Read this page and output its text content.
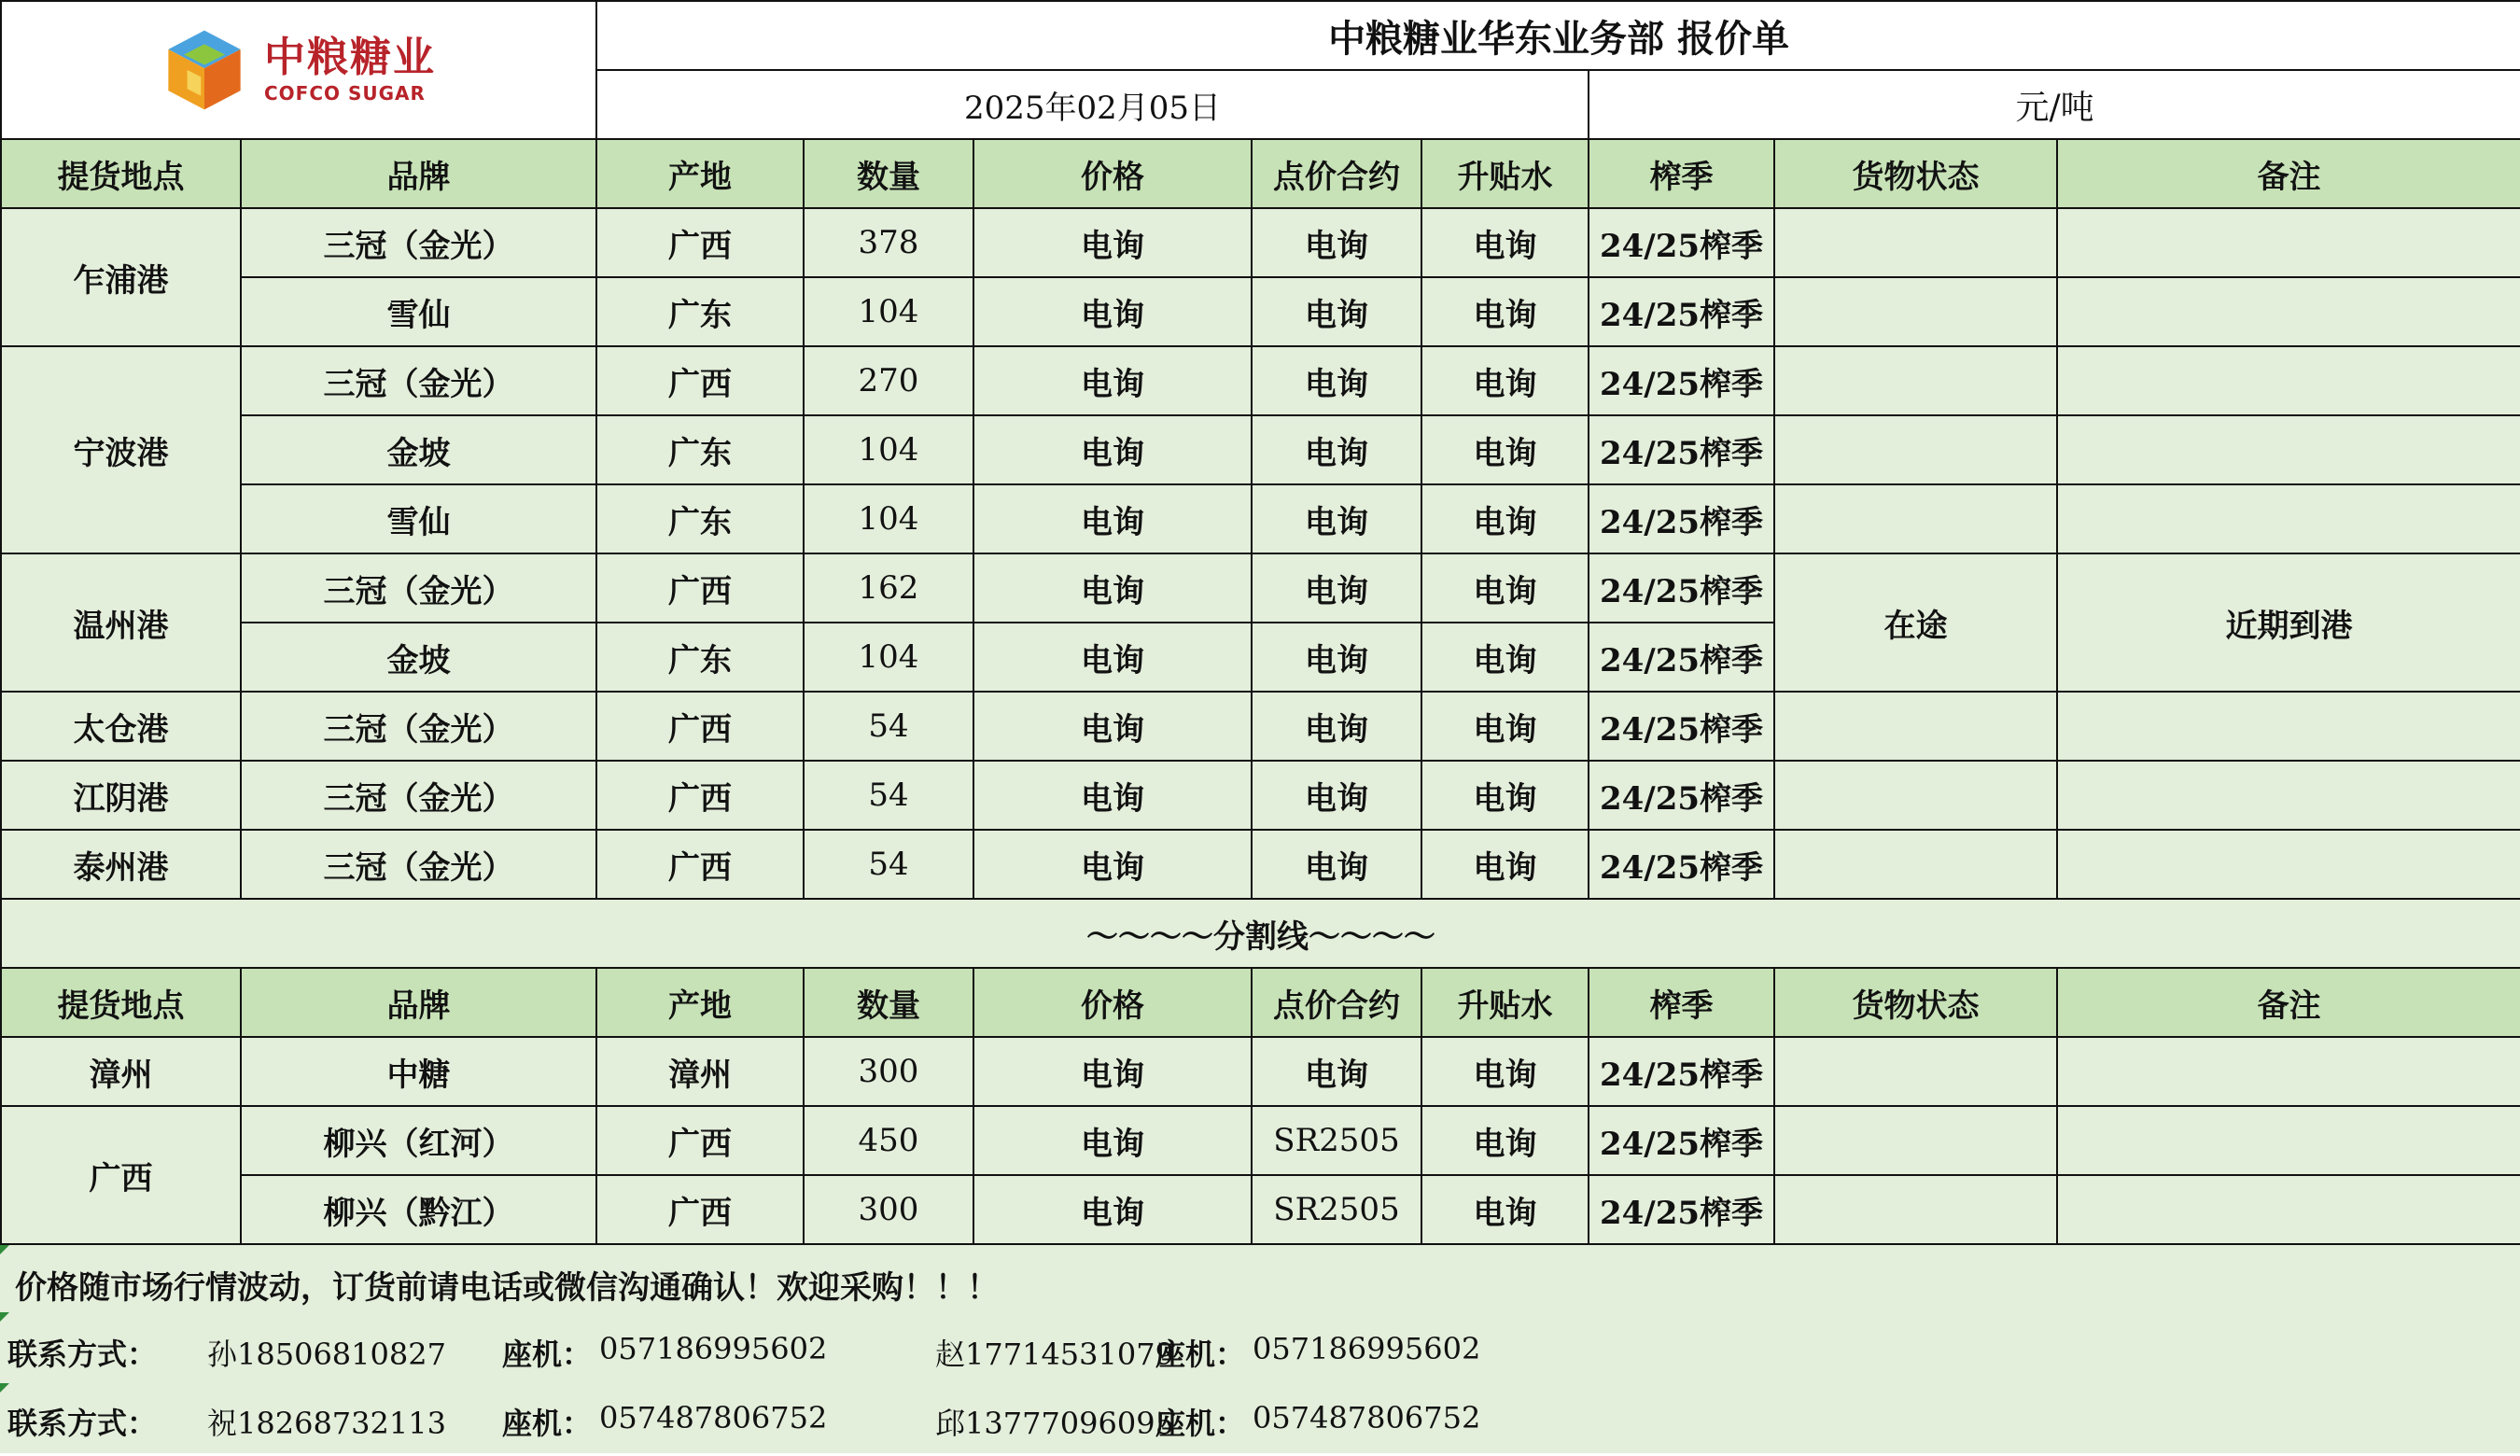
中粮糖业
COFCO SUGAR		中粮糖业华东业务部 报价单							
		2025年02月05日					元/吨		
提货地点	品牌	产地	数量	价格	点价合约	升贴水	榨季	货物状态	备注
乍浦港	三冠（金光）	广西	378	电询	电询	电询	24/25榨季		
	雪仙	广东	104	电询	电询	电询	24/25榨季		
宁波港	三冠（金光）	广西	270	电询	电询	电询	24/25榨季		
	金坡	广东	104	电询	电询	电询	24/25榨季		
	雪仙	广东	104	电询	电询	电询	24/25榨季		
温州港	三冠（金光）	广西	162	电询	电询	电询	24/25榨季	在途	近期到港
	金坡	广东	104	电询	电询	电询	24/25榨季		
太仓港	三冠（金光）	广西	54	电询	电询	电询	24/25榨季		
江阴港	三冠（金光）	广西	54	电询	电询	电询	24/25榨季		
泰州港	三冠（金光）	广西	54	电询	电询	电询	24/25榨季		
～～～～分割线～～～～									
提货地点	品牌	产地	数量	价格	点价合约	升贴水	榨季	货物状态	备注
漳州	中糖	漳州	300	电询	电询	电询	24/25榨季		
广西	柳兴（红河）	广西	450	电询	SR2505	电询	24/25榨季		
	柳兴（黔江）	广西	300	电询	SR2505	电询	24/25榨季		
价格随市场行情波动，订货前请电话或微信沟通确认！欢迎采购！！！
联系方式： 孙18506810827 座机： 057186995602	赵17714531079
座机： 057186995602
联系方式： 祝18268732113 座机： 057487806752	邱13777096095
座机： 057487806752
